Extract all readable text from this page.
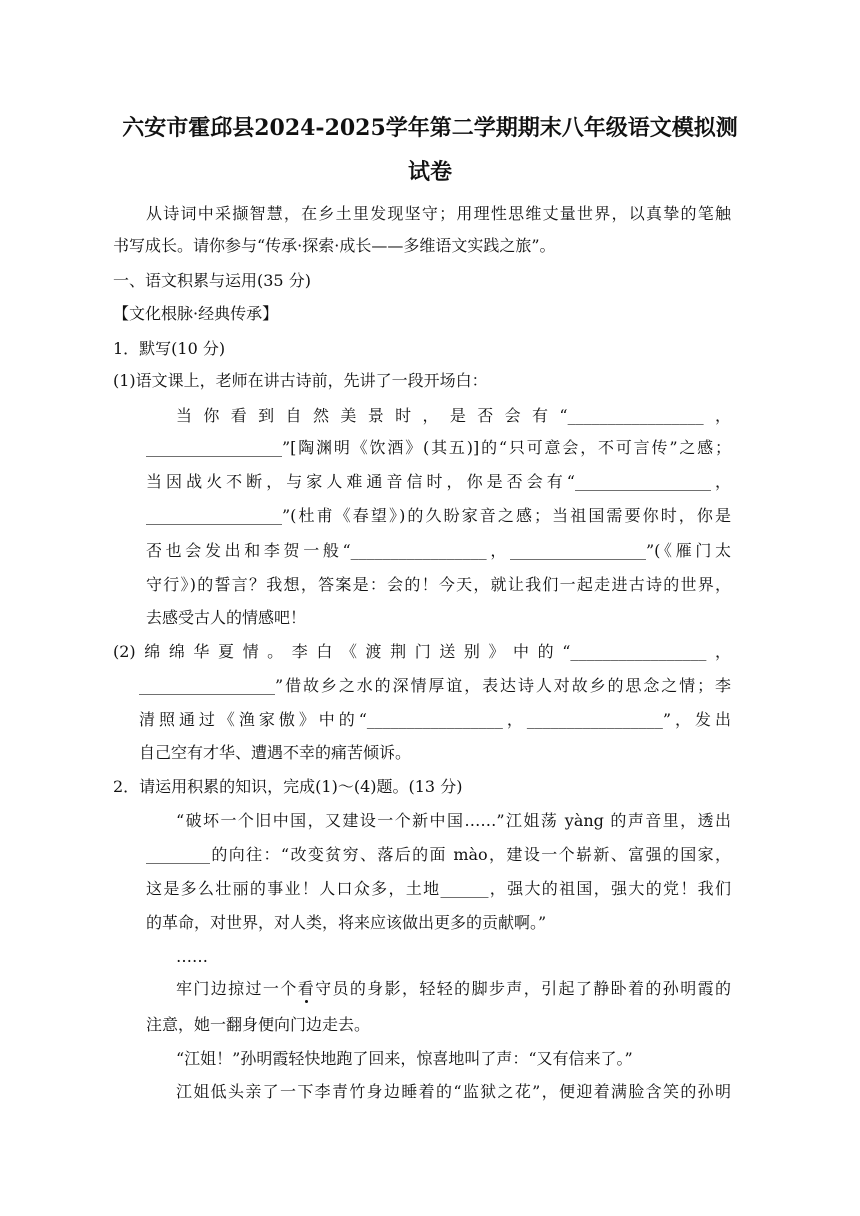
六安市霍邱县2024-2025学年第二学期期末八年级语文模拟测
试卷
从诗词中采撷智慧，在乡土里发现坚守；用理性思维丈量世界，以真挚的笔触
书写成长。请你参与“传承·探索·成长——多维语文实践之旅”。
一、语文积累与运用(35 分)
【文化根脉·经典传承】
1．默写(10 分)
(1)语文课上，老师在讲古诗前，先讲了一段开场白：
当你看到自然美景时，是否会有“_________________，
_________________”[陶渊明《饮酒》(其五)]的“只可意会，不可言传”之感；
当因战火不断，与家人难通音信时，你是否会有“_________________，
_________________”(杜甫《春望》)的久盼家音之感；当祖国需要你时，你是
否也会发出和李贺一般“_________________，_________________”(《雁门太
守行》)的誓言？我想，答案是：会的！今天，就让我们一起走进古诗的世界，
去感受古人的情感吧！
(2)绵绵华夏情。李白《渡荆门送别》中的“_________________，
_________________”借故乡之水的深情厚谊，表达诗人对故乡的思念之情；李
清照通过《渔家傲》中的“_________________，_________________”，发出
自己空有才华、遭遇不幸的痛苦倾诉。
2．请运用积累的知识，完成(1)～(4)题。(13 分)
“破坏一个旧中国，又建设一个新中国……”江姐荡 yàng 的声音里，透出
________的向往：“改变贫穷、落后的面 mào，建设一个崭新、富强的国家，
这是多么壮丽的事业！人口众多，土地______，强大的祖国，强大的党！我们
的革命，对世界，对人类，将来应该做出更多的贡献啊。”
……
牢门边掠过一个看守员的身影，轻轻的脚步声，引起了静卧着的孙明霞的
注意，她一翻身便向门边走去。
“江姐！”孙明霞轻快地跑了回来，惊喜地叫了声：“又有信来了。”
江姐低头亲了一下李青竹身边睡着的“监狱之花”，便迎着满脸含笑的孙明
